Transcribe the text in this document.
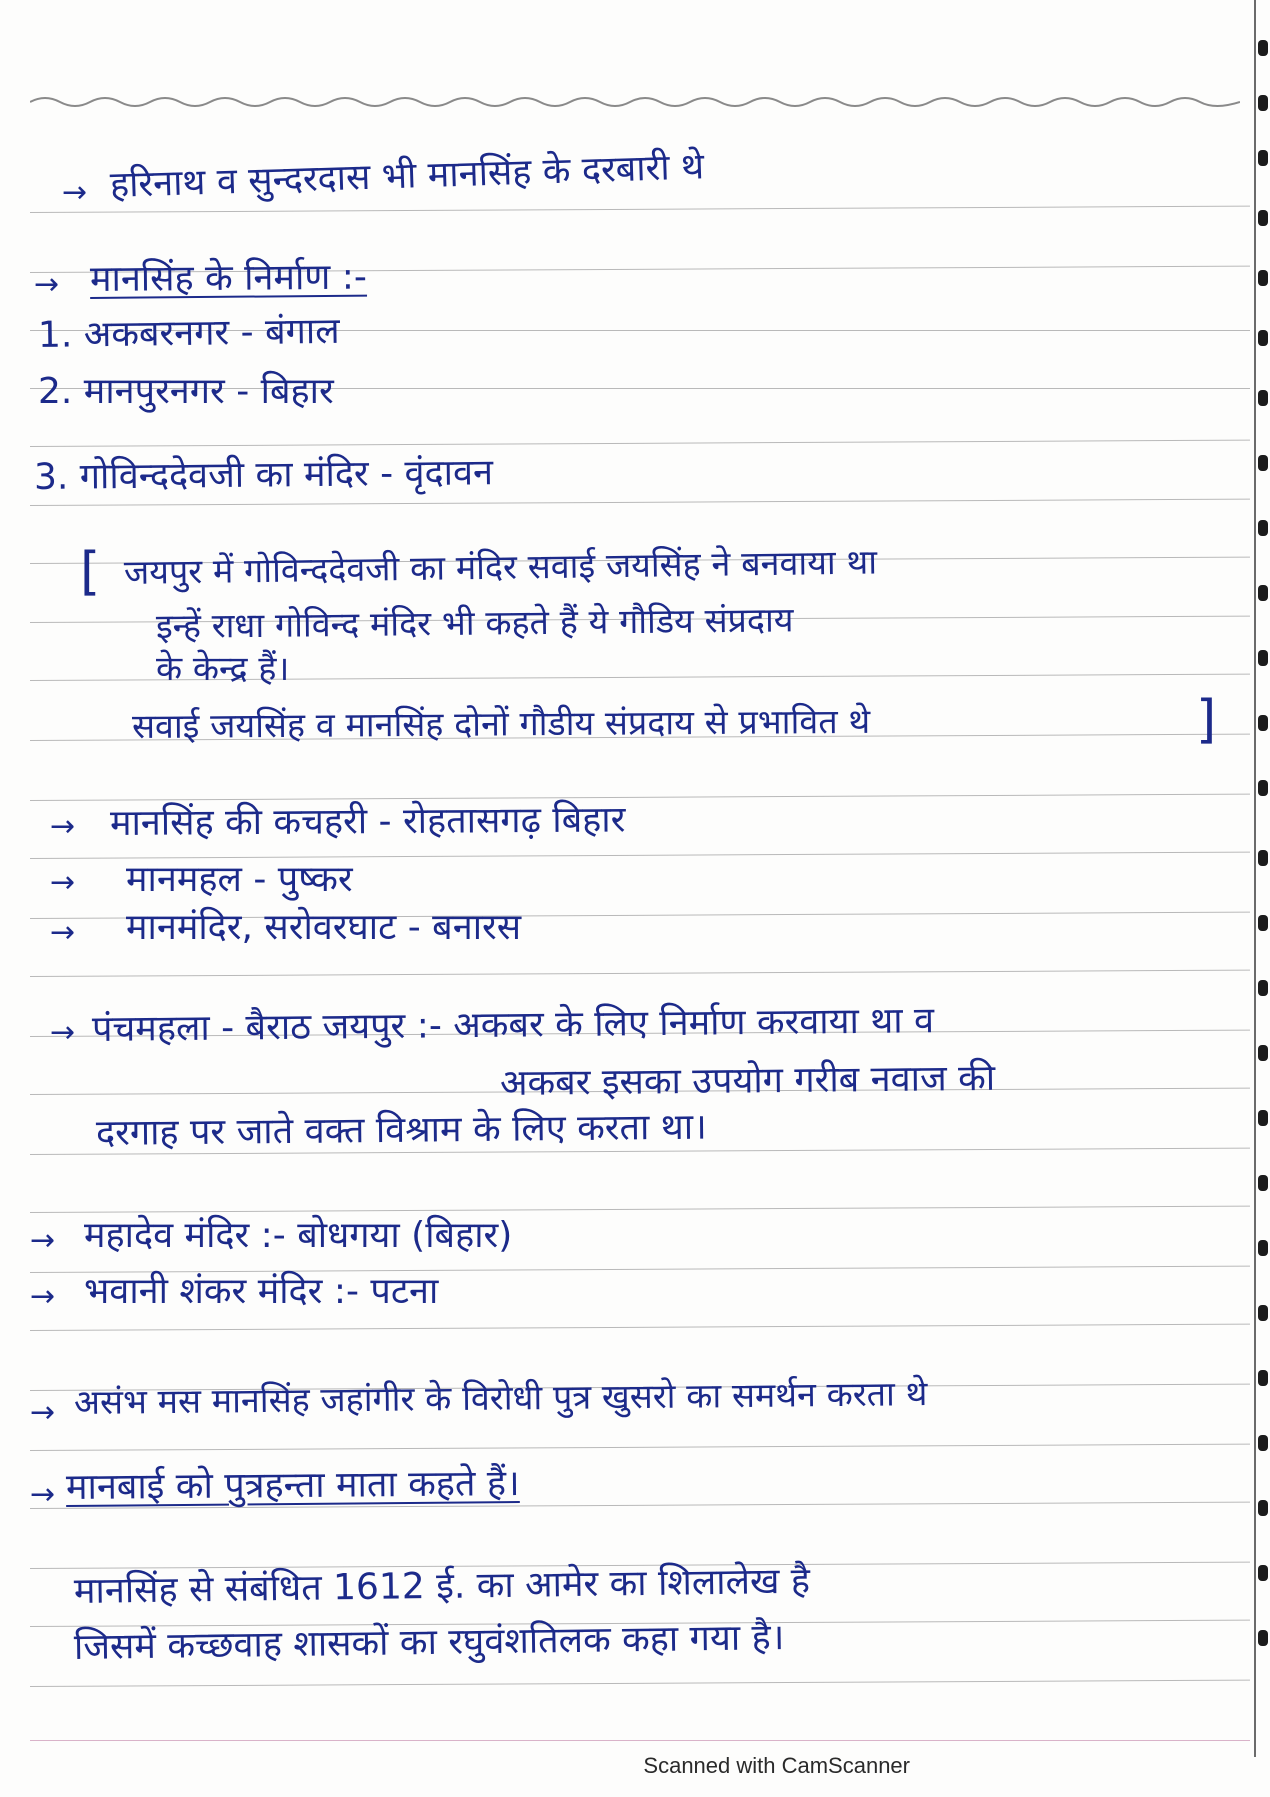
→
→
→
→
→
→
→
→
→
→
हरिनाथ व सुन्दरदास भी मानसिंह के दरबारी थे
मानसिंह के निर्माण :-
1. अकबरनगर - बंगाल
2. मानपुरनगर - बिहार
3. गोविन्ददेवजी का मंदिर - वृंदावन
[ जयपुर में गोविन्ददेवजी का मंदिर सवाई जयसिंह ने बनवाया था
इन्हें राधा गोविन्द मंदिर भी कहते हैं ये गौडिय संप्रदाय
के केन्द्र हैं।
सवाई जयसिंह व मानसिंह दोनों गौडीय संप्रदाय से प्रभावित थे	]
मानसिंह की कचहरी - रोहतासगढ़ बिहार
मानमहल - पुष्कर
मानमंदिर, सरोवरघाट - बनारस
पंचमहला - बैराठ जयपुर :- अकबर के लिए निर्माण करवाया था व
अकबर इसका उपयोग गरीब नवाज की
दरगाह पर जाते वक्त विश्राम के लिए करता था।
महादेव मंदिर :- बोधगया (बिहार)
भवानी शंकर मंदिर :- पटना
असंभ मस मानसिंह जहांगीर के विरोधी पुत्र खुसरो का समर्थन करता थे
मानबाई को पुत्रहन्ता माता कहते हैं।
मानसिंह से संबंधित 1612 ई. का आमेर का शिलालेख है
जिसमें कच्छवाह शासकों का रघुवंशतिलक कहा गया है।
Scanned with CamScanner
